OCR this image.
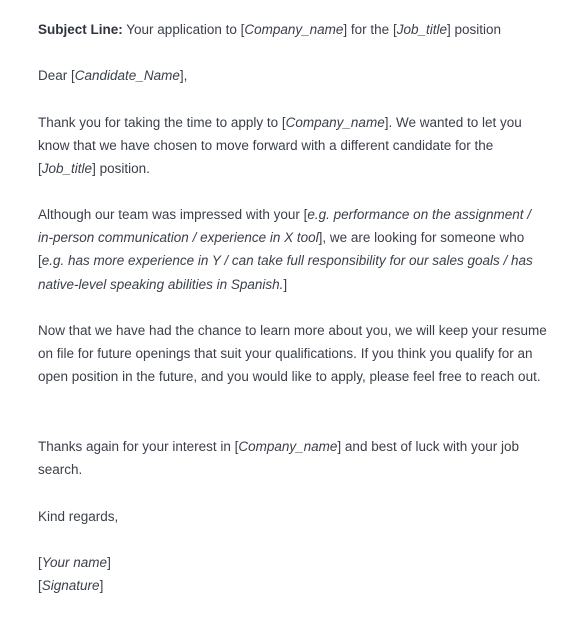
Subject Line: Your application to [Company_name] for the [Job_title] position

Dear [Candidate_Name],

Thank you for taking the time to apply to [Company_name]. We wanted to let you know that we have chosen to move forward with a different candidate for the [Job_title] position.

Although our team was impressed with your [e.g. performance on the assignment / in-person communication / experience in X tool], we are looking for someone who [e.g. has more experience in Y / can take full responsibility for our sales goals / has native-level speaking abilities in Spanish.]

Now that we have had the chance to learn more about you, we will keep your resume on file for future openings that suit your qualifications. If you think you qualify for an open position in the future, and you would like to apply, please feel free to reach out.

Thanks again for your interest in [Company_name] and best of luck with your job search.

Kind regards,

[Your name]

[Signature]
